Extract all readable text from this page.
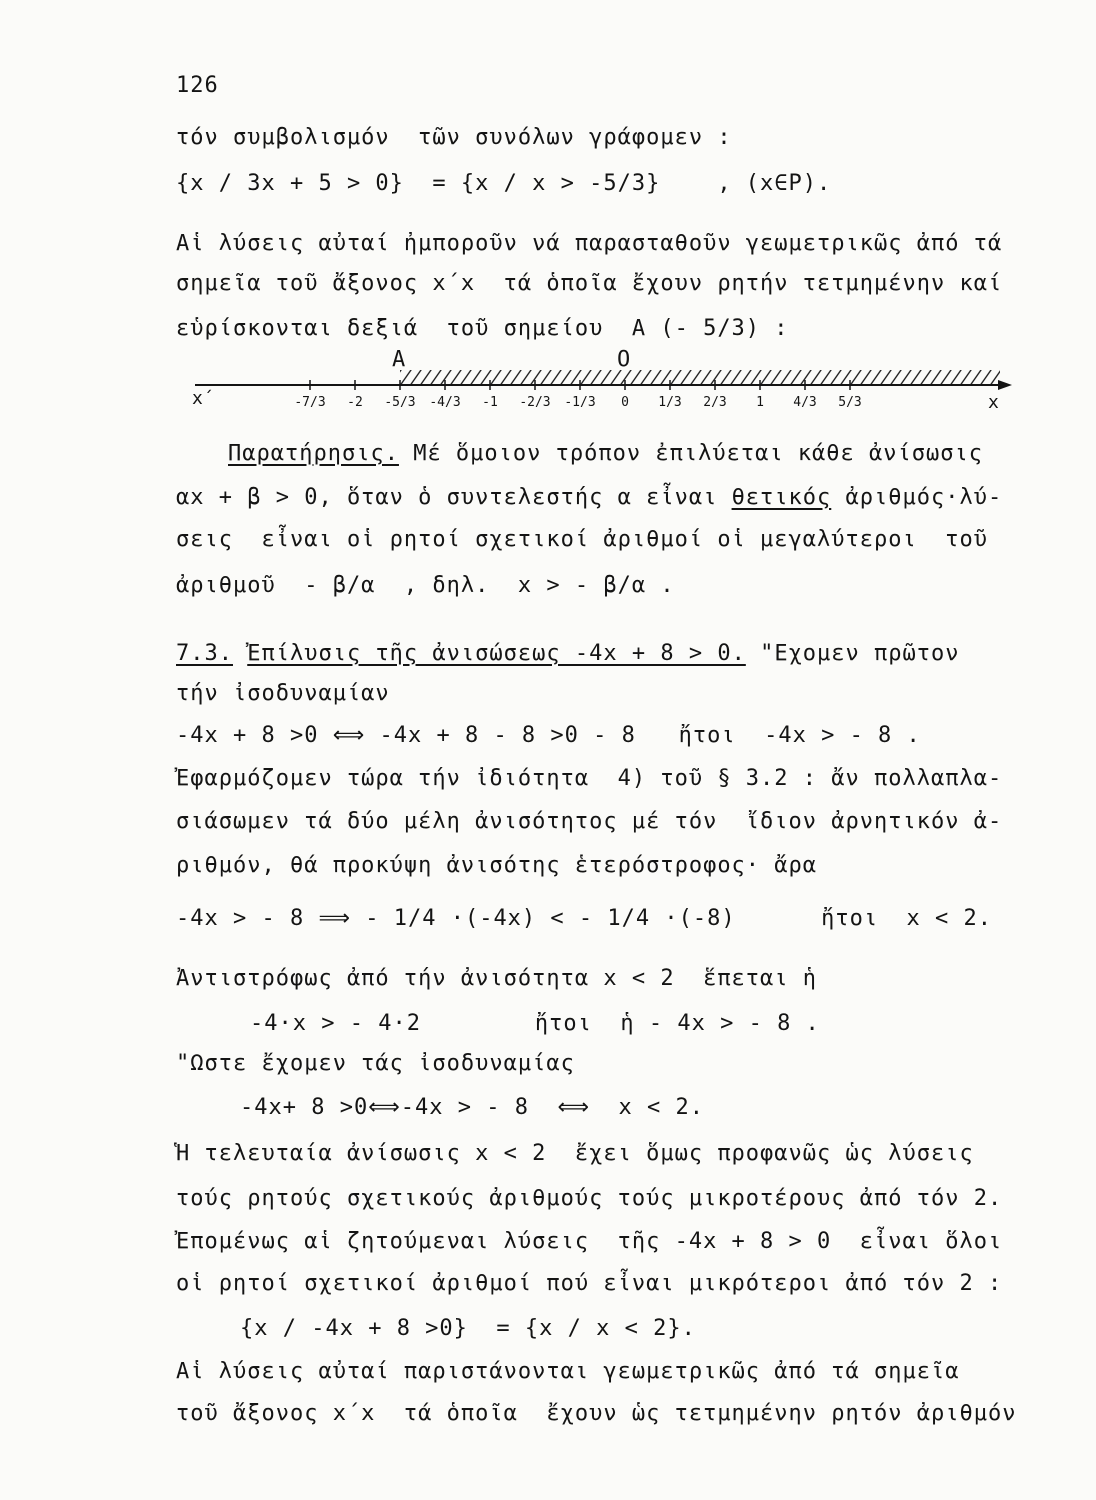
126
τόν συμβολισμόν  τῶν συνόλων γράφομεν :
{x / 3x + 5 > 0}  = {x / x > -5/3}    , (x∈P).
Αἱ λύσεις αὐταί ἠμποροῦν νά παρασταθοῦν γεωμετρικῶς ἀπό τά
σημεῖα τοῦ ἄξονος x΄x  τά ὁποῖα ἔχουν ρητήν τετμημένην καί
εὑρίσκονται δεξιά  τοῦ σημείου  Α (- 5/3) :
-7/3 -2 -5/3 -4/3 -1 -2/3 -1/3 0 1/3 2/3 1 4/3 5/3
x΄	x
Α	Ο
Παρατήρησις. Μέ ὅμοιον τρόπον ἐπιλύεται κάθε ἀνίσωσις
αx + β > 0, ὅταν ὁ συντελεστής α εἶναι θετικός ἀριθμός·λύ-
σεις  εἶναι οἱ ρητοί σχετικοί ἀριθμοί οἱ μεγαλύτεροι  τοῦ
ἀριθμοῦ  - β/α  , δηλ.  x > - β/α .
7.3. Ἐπίλυσις τῆς ἀνισώσεως -4x + 8 > 0. "Εχομεν πρῶτον
τήν ἰσοδυναμίαν
-4x + 8 >0 ⟺ -4x + 8 - 8 >0 - 8   ἤτοι  -4x > - 8 .
Ἐφαρμόζομεν τώρα τήν ἰδιότητα  4) τοῦ § 3.2 : ἄν πολλαπλα-
σιάσωμεν τά δύο μέλη ἀνισότητος μέ τόν  ἴδιον ἀρνητικόν ἀ-
ριθμόν, θά προκύψη ἀνισότης ἑτερόστροφος· ἄρα
-4x > - 8 ⟹ - 1/4 ·(-4x) < - 1/4 ·(-8)      ἤτοι  x < 2.
Ἀντιστρόφως ἀπό τήν ἀνισότητα x < 2  ἕπεται ἡ
-4·x > - 4·2        ἤτοι  ἡ - 4x > - 8 .
"Ωστε ἔχομεν τάς ἰσοδυναμίας
-4x+ 8 >0⟺-4x > - 8  ⟺  x < 2.
Ἡ τελευταία ἀνίσωσις x < 2  ἔχει ὅμως προφανῶς ὡς λύσεις
τούς ρητούς σχετικούς ἀριθμούς τούς μικροτέρους ἀπό τόν 2.
Ἐπομένως αἱ ζητούμεναι λύσεις  τῆς -4x + 8 > 0  εἶναι ὅλοι
οἱ ρητοί σχετικοί ἀριθμοί πού εἶναι μικρότεροι ἀπό τόν 2 :
{x / -4x + 8 >0}  = {x / x < 2}.
Αἱ λύσεις αὐταί παριστάνονται γεωμετρικῶς ἀπό τά σημεῖα
τοῦ ἄξονος x΄x  τά ὁποῖα  ἔχουν ὡς τετμημένην ρητόν ἀριθμόν
